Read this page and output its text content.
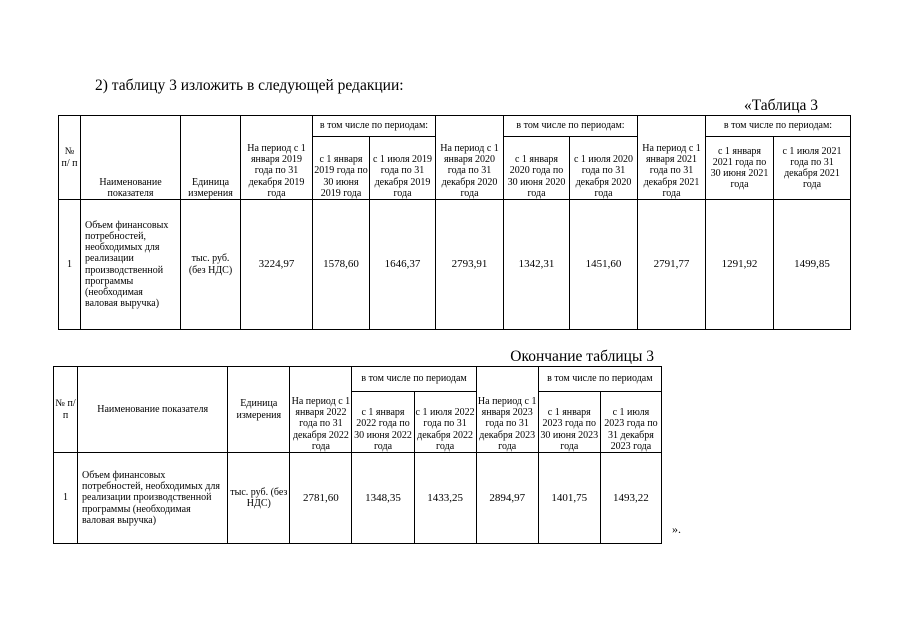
2) таблицу 3 изложить в следующей редакции:
«Таблица 3
№ п/ п	Наименование показателя	Единица измерения	На период с 1 января 2019 года по 31 декабря 2019 года	в том числе по периодам:		На период с 1 января 2020 года по 31 декабря 2020 года	в том числе по периодам:		На период с 1 января 2021 года по 31 декабря 2021 года	в том числе по периодам:	
				с 1 января 2019 года по 30 июня 2019 года	с 1 июля 2019 года по 31 декабря 2019 года		с 1 января 2020 года по 30 июня 2020 года	с 1 июля 2020 года по 31 декабря 2020 года		с 1 января 2021 года по 30 июня 2021 года	с 1 июля 2021 года по 31 декабря 2021 года
1	Объем финансовых потребностей, необходимых для реализации производственной программы (необходимая валовая выручка)	тыс. руб. (без НДС)	3224,97	1578,60	1646,37	2793,91	1342,31	1451,60	2791,77	1291,92	1499,85
Окончание таблицы 3
№ п/п	Наименование показателя	Единица измерения	На период с 1 января 2022 года по 31 декабря 2022 года	в том числе по периодам		На период с 1 января 2023 года по 31 декабря 2023 года	в том числе по периодам	
				с 1 января 2022 года по 30 июня 2022 года	с 1 июля 2022 года по 31 декабря 2022 года		с 1 января 2023 года по 30 июня 2023 года	с 1 июля 2023 года по 31 декабря 2023 года
1	Объем финансовых потребностей, необходимых для реализации производственной программы (необходимая валовая выручка)	тыс. руб. (без НДС)	2781,60	1348,35	1433,25	2894,97	1401,75	1493,22
».
